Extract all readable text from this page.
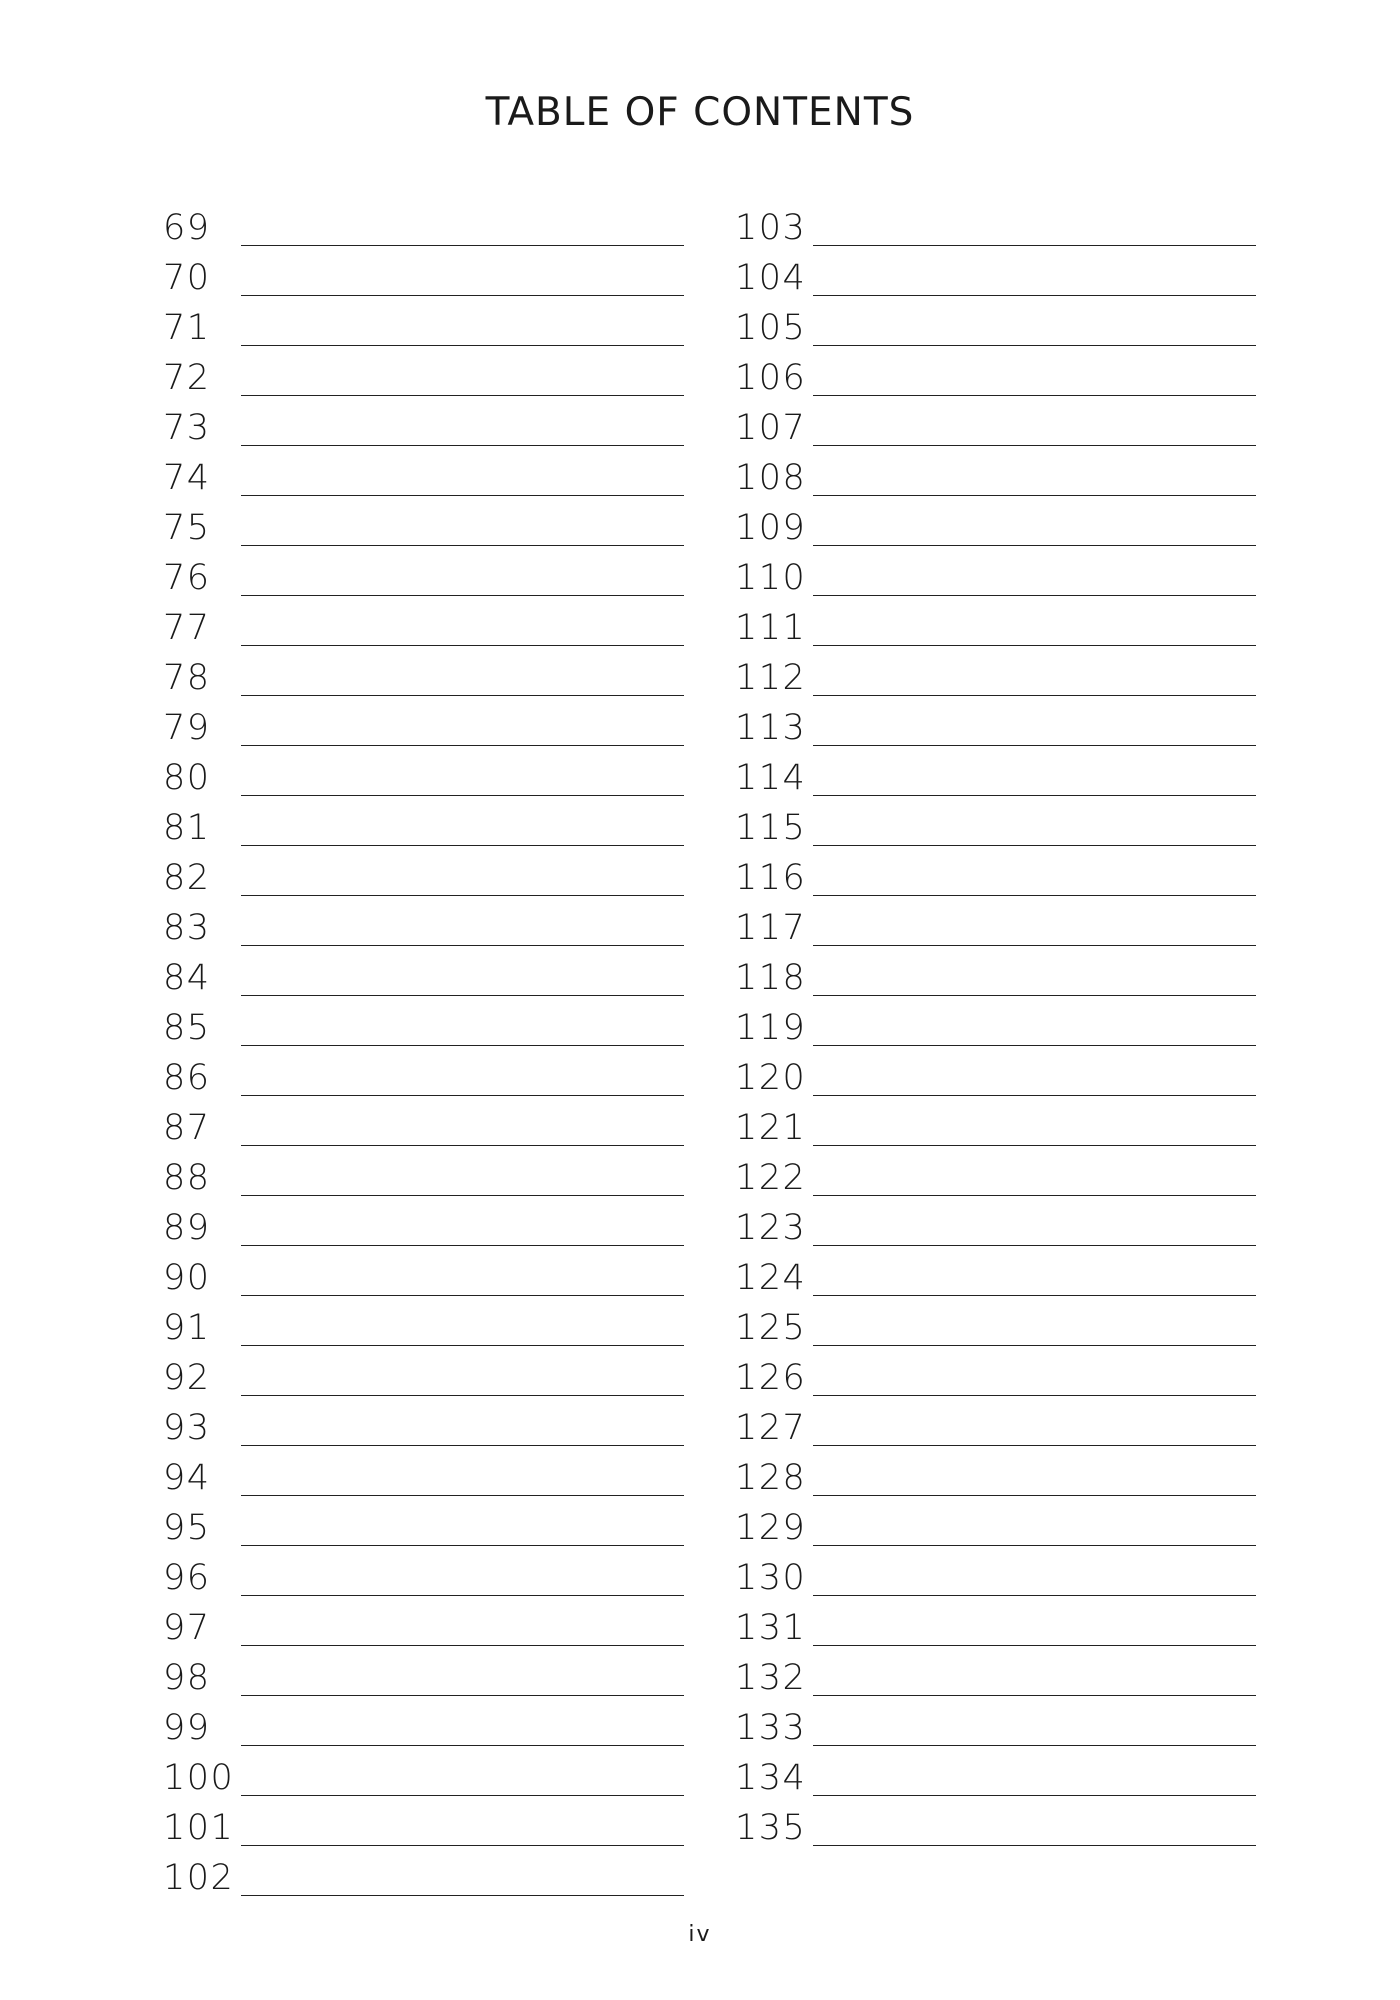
TABLE OF CONTENTS
69
70
71
72
73
74
75
76
77
78
79
80
81
82
83
84
85
86
87
88
89
90
91
92
93
94
95
96
97
98
99
100
101
102
103
104
105
106
107
108
109
110
111
112
113
114
115
116
117
118
119
120
121
122
123
124
125
126
127
128
129
130
131
132
133
134
135
iv
